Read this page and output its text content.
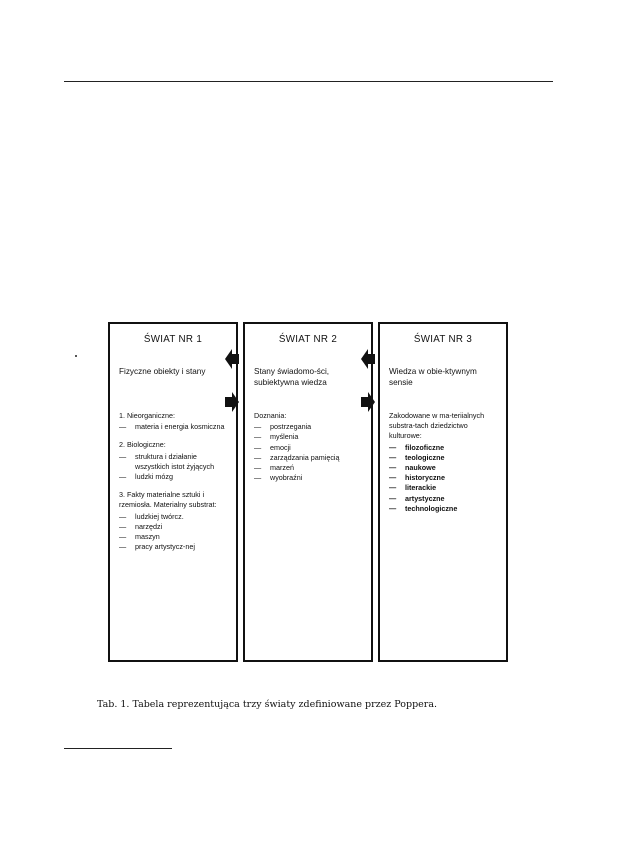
ŚWIAT NR 1
Fizyczne obiekty i stany
1. Nieorganiczne:
— materia i energia kosmiczna
2. Biologiczne:
— struktura i działanie wszystkich istot żyjących
— ludzki mózg
3. Fakty materialne sztuki i rzemiosła. Materialny substrat:
— ludzkiej twórcz.
— narzędzi
— maszyn
— pracy artystycz-nej
ŚWIAT NR 2
Stany świadomo-ści, subiektywna wiedza
Doznania:
— postrzegania
— myślenia
— emocji
— zarządzania pamięcią
— marzeń
— wyobraźni
ŚWIAT NR 3
Wiedza w obie-ktywnym sensie
Zakodowane w ma-teriialnych substra-tach dziedzictwo kulturowe:
— filozoficzne
— teologiczne
— naukowe
— historyczne
— literackie
— artystyczne
— technologiczne
Tab. 1. Tabela reprezentująca trzy światy zdefiniowane przez Poppera.
